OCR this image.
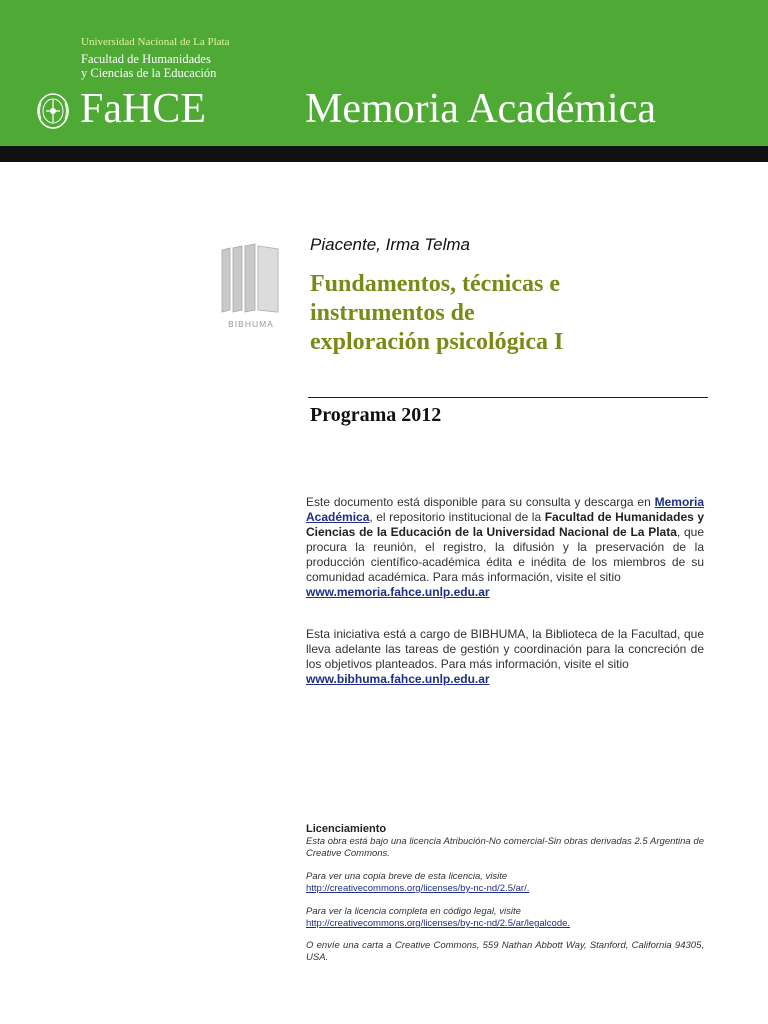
Universidad Nacional de La Plata
Facultad de Humanidades
y Ciencias de la Educación
FaHCE Memoria Académica
BIBHUMA
Piacente, Irma Telma
Fundamentos, técnicas e
instrumentos de
exploración psicológica I
Programa 2012

Este documento está disponible para su consulta y descarga en Memoria Académica, el repositorio institucional de la Facultad de Humanidades y Ciencias de la Educación de la Universidad Nacional de La Plata, que procura la reunión, el registro, la difusión y la preservación de la producción científico-académica édita e inédita de los miembros de su comunidad académica. Para más información, visite el sitio
www.memoria.fahce.unlp.edu.ar

Esta iniciativa está a cargo de BIBHUMA, la Biblioteca de la Facultad, que lleva adelante las tareas de gestión y coordinación para la concreción de los objetivos planteados. Para más información, visite el sitio
www.bibhuma.fahce.unlp.edu.ar

Licenciamiento

Esta obra está bajo una licencia Atribución-No comercial-Sin obras derivadas 2.5 Argentina de Creative Commons.

Para ver una copia breve de esta licencia, visite

http://creativecommons.org/licenses/by-nc-nd/2.5/ar/.

Para ver la licencia completa en código legal, visite

http://creativecommons.org/licenses/by-nc-nd/2.5/ar/legalcode.

O envíe una carta a Creative Commons, 559 Nathan Abbott Way, Stanford, California 94305, USA.
